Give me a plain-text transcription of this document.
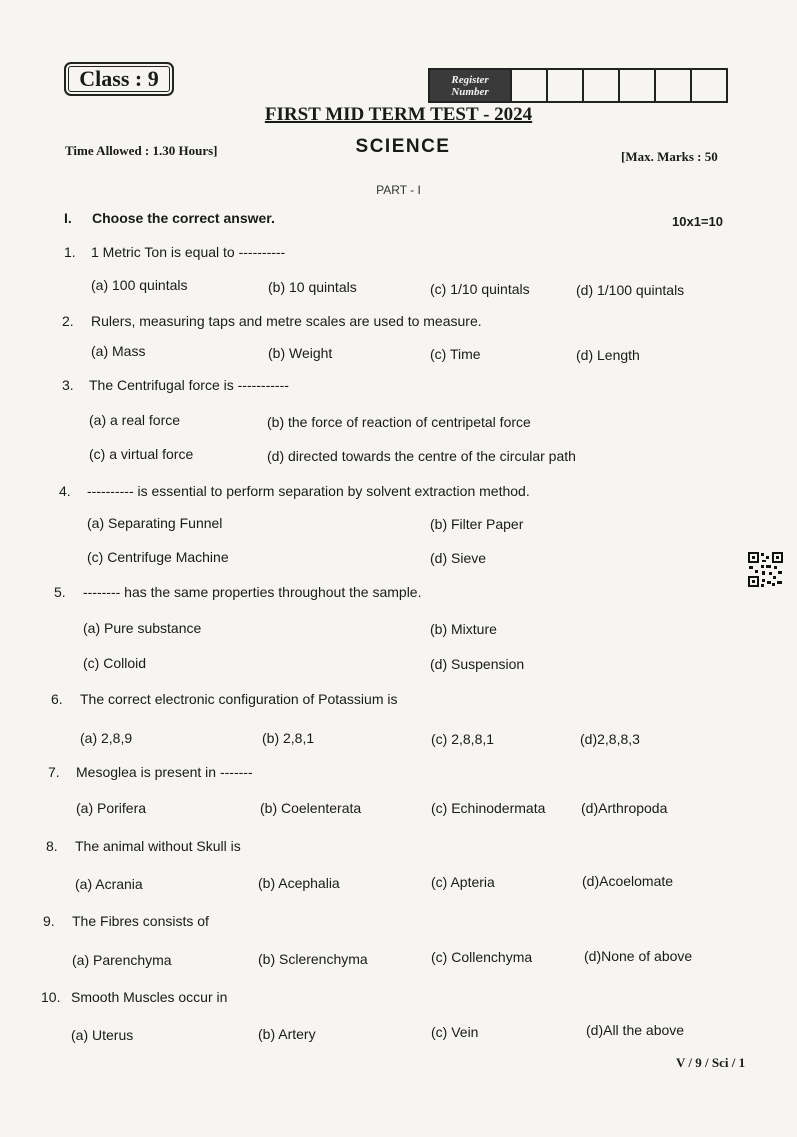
Class : 9	Register
Number
FIRST MID TERM TEST - 2024
Time Allowed : 1.30 Hours]	SCIENCE	[Max. Marks : 50
PART - I
I. Choose the correct answer.	10x1=10
1. 1 Metric Ton is equal to ----------
(a) 100 quintals	(b) 10 quintals	(c) 1/10 quintals	(d) 1/100 quintals
2. Rulers, measuring taps and metre scales are used to measure.
(a) Mass	(b) Weight	(c) Time	(d) Length
3. The Centrifugal force is -----------
(a) a real force	(b) the force of reaction of centripetal force
(c) a virtual force	(d) directed towards the centre of the circular path
4. ---------- is essential to perform separation by solvent extraction method.
(a) Separating Funnel	(b) Filter Paper
(c) Centrifuge Machine	(d) Sieve
5. -------- has the same properties throughout the sample.
(a) Pure substance	(b) Mixture
(c) Colloid	(d) Suspension
6. The correct electronic configuration of Potassium is
(a) 2,8,9	(b) 2,8,1	(c) 2,8,8,1	(d)2,8,8,3
7. Mesoglea is present in -------
(a) Porifera	(b) Coelenterata	(c) Echinodermata	(d)Arthropoda
8. The animal without Skull is
(a) Acrania	(b) Acephalia	(c) Apteria	(d)Acoelomate
9. The Fibres consists of
(a) Parenchyma	(b) Sclerenchyma	(c) Collenchyma	(d)None of above
10. Smooth Muscles occur in
(a) Uterus	(b) Artery	(c) Vein	(d)All the above
V / 9 / Sci / 1
